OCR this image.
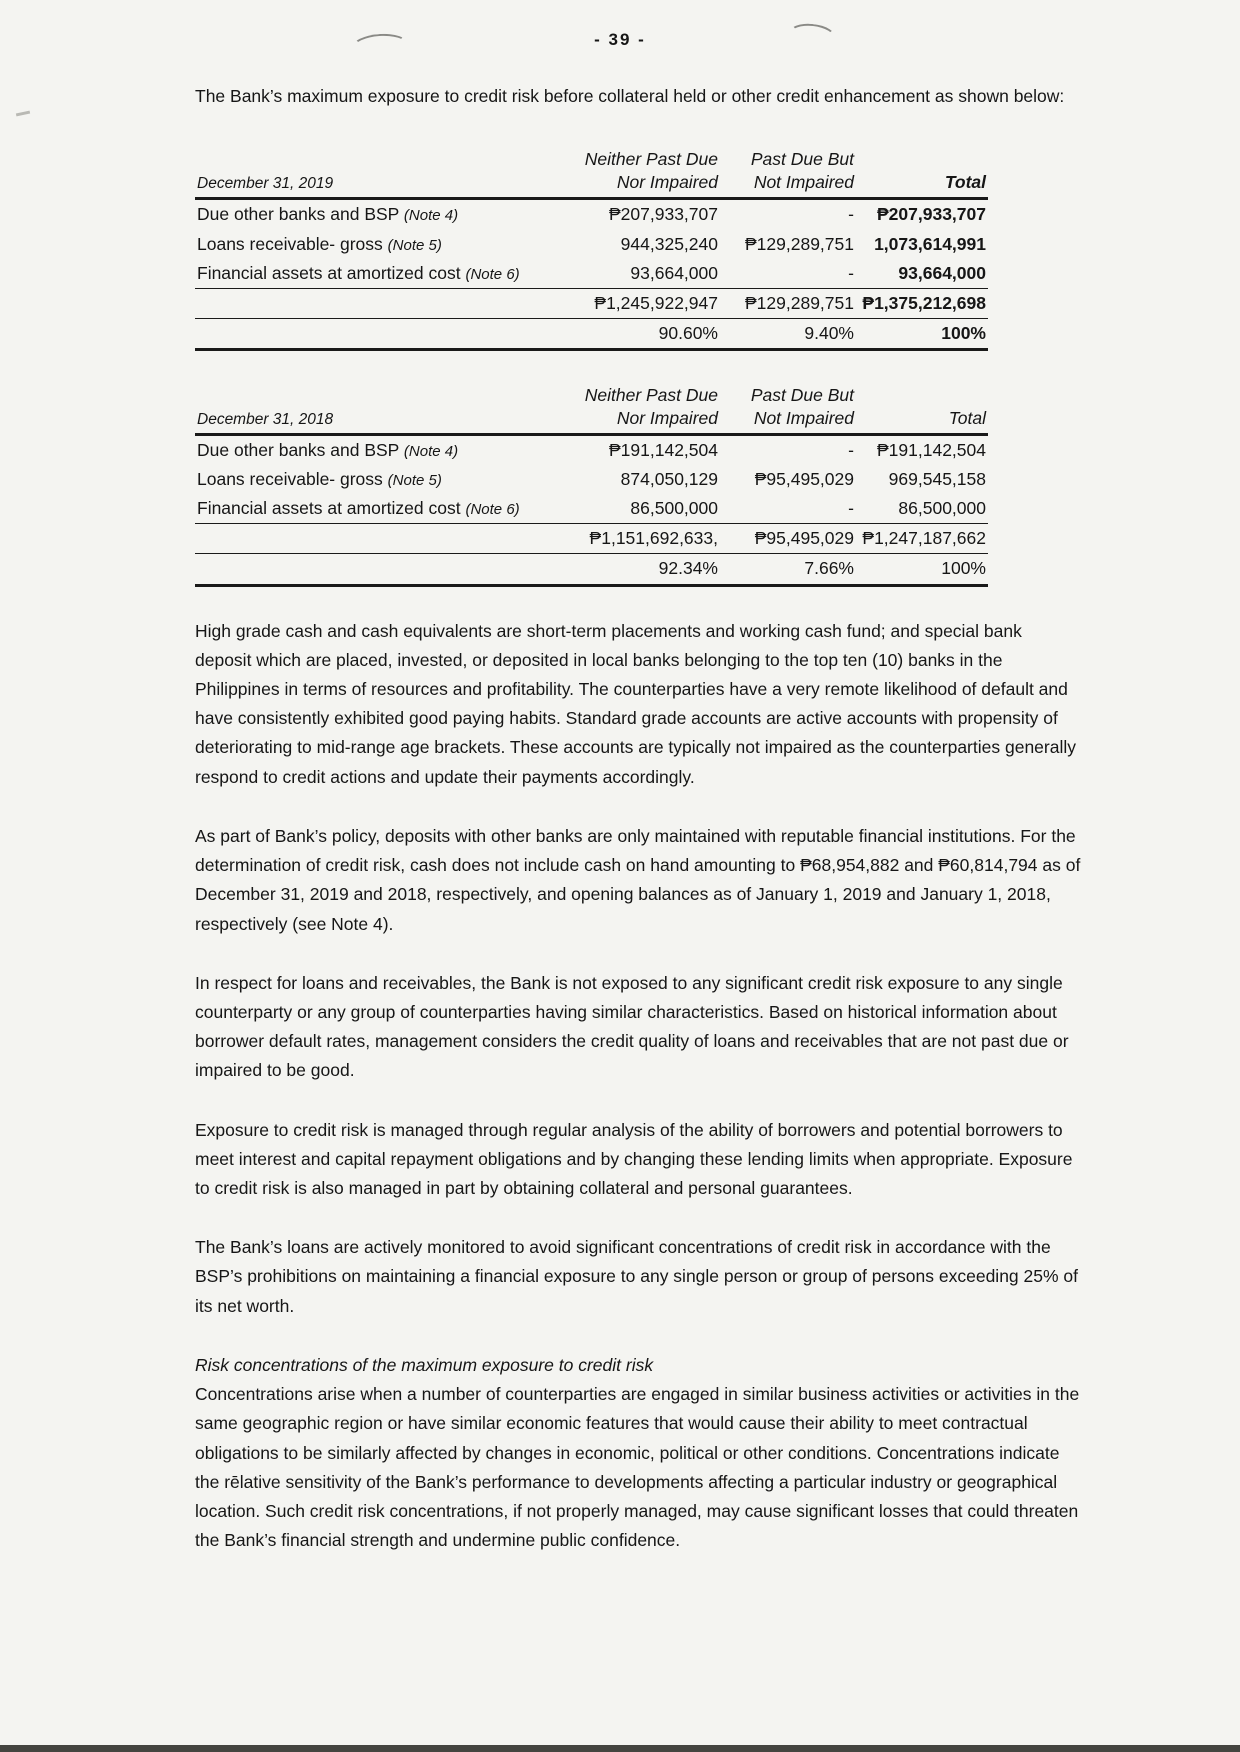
- 39 -

The Bank’s maximum exposure to credit risk before collateral held or other credit enhancement as shown below:

	Neither Past Due	Past Due But	
December 31, 2019	Nor Impaired	Not Impaired	Total
Due other banks and BSP (Note 4)	₱207,933,707	-	₱207,933,707
Loans receivable- gross (Note 5)	944,325,240	₱129,289,751	1,073,614,991
Financial assets at amortized cost (Note 6)	93,664,000	-	93,664,000
	₱1,245,922,947	₱129,289,751	₱1,375,212,698
	90.60%	9.40%	100%
	Neither Past Due	Past Due But	
December 31, 2018	Nor Impaired	Not Impaired	Total
Due other banks and BSP (Note 4)	₱191,142,504	-	₱191,142,504
Loans receivable- gross (Note 5)	874,050,129	₱95,495,029	969,545,158
Financial assets at amortized cost (Note 6)	86,500,000	-	86,500,000
	₱1,151,692,633,	₱95,495,029	₱1,247,187,662
	92.34%	7.66%	100%

High grade cash and cash equivalents are short-term placements and working cash fund; and special bank deposit which are placed, invested, or deposited in local banks belonging to the top ten (10) banks in the Philippines in terms of resources and profitability. The counterparties have a very remote likelihood of default and have consistently exhibited good paying habits. Standard grade accounts are active accounts with propensity of deteriorating to mid-range age brackets. These accounts are typically not impaired as the counterparties generally respond to credit actions and update their payments accordingly.

As part of Bank’s policy, deposits with other banks are only maintained with reputable financial institutions. For the determination of credit risk, cash does not include cash on hand amounting to ₱68,954,882 and ₱60,814,794 as of December 31, 2019 and 2018, respectively, and opening balances as of January 1, 2019 and January 1, 2018, respectively (see Note 4).

In respect for loans and receivables, the Bank is not exposed to any significant credit risk exposure to any single counterparty or any group of counterparties having similar characteristics. Based on historical information about borrower default rates, management considers the credit quality of loans and receivables that are not past due or impaired to be good.

Exposure to credit risk is managed through regular analysis of the ability of borrowers and potential borrowers to meet interest and capital repayment obligations and by changing these lending limits when appropriate. Exposure to credit risk is also managed in part by obtaining collateral and personal guarantees.

The Bank’s loans are actively monitored to avoid significant concentrations of credit risk in accordance with the BSP’s prohibitions on maintaining a financial exposure to any single person or group of persons exceeding 25% of its net worth.

Risk concentrations of the maximum exposure to credit risk

Concentrations arise when a number of counterparties are engaged in similar business activities or activities in the same geographic region or have similar economic features that would cause their ability to meet contractual obligations to be similarly affected by changes in economic, political or other conditions. Concentrations indicate the rēlative sensitivity of the Bank’s performance to developments affecting a particular industry or geographical location. Such credit risk concentrations, if not properly managed, may cause significant losses that could threaten the Bank’s financial strength and undermine public confidence.
